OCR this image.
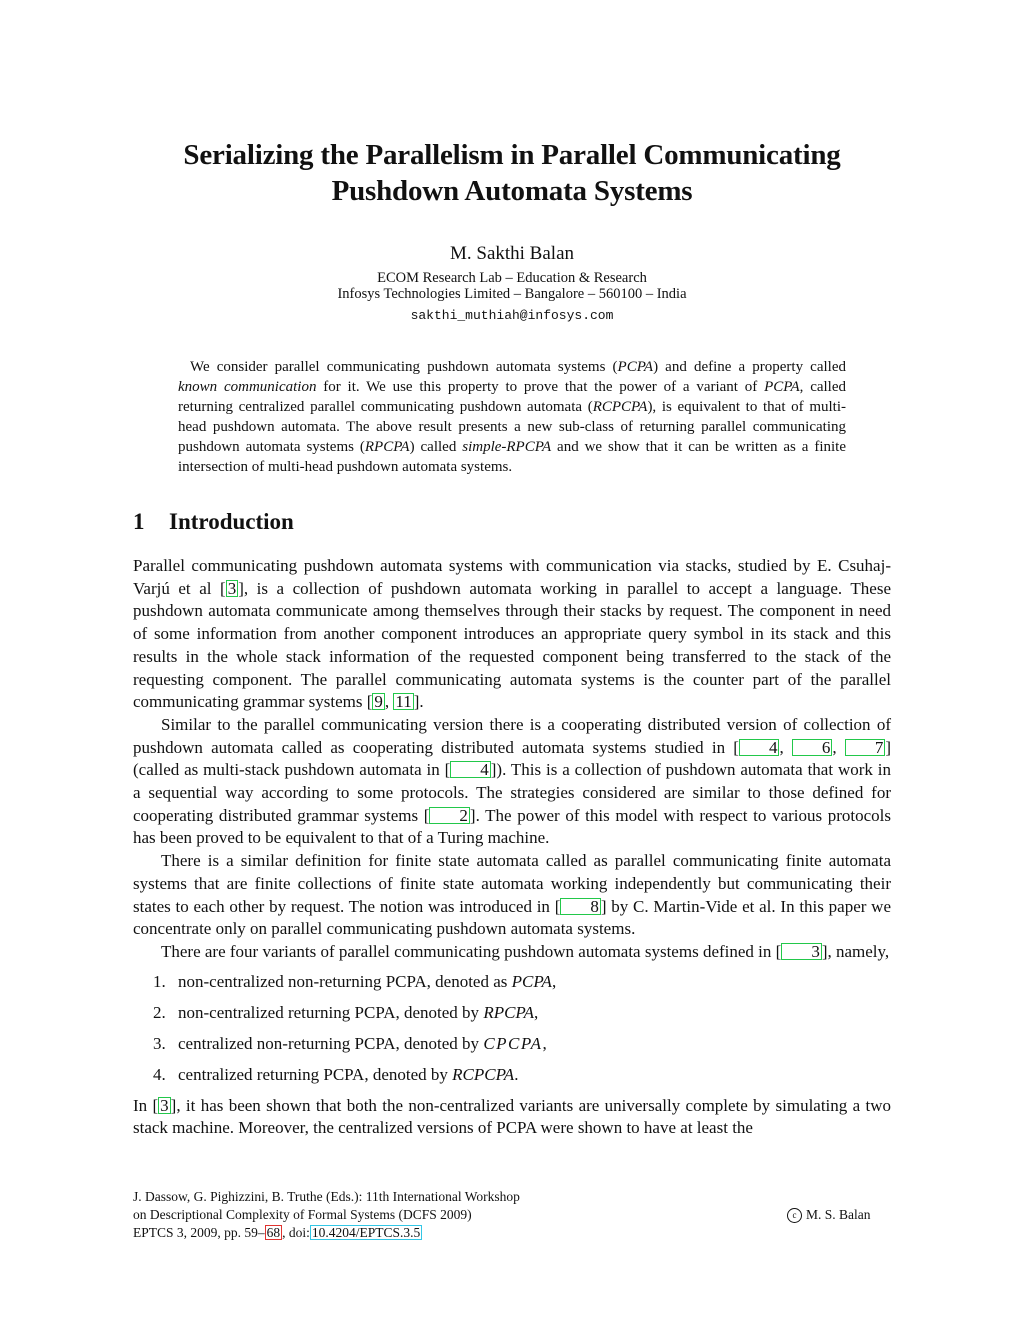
Serializing the Parallelism in Parallel Communicating
Pushdown Automata Systems
M. Sakthi Balan
ECOM Research Lab – Education & Research
Infosys Technologies Limited – Bangalore – 560100 – India
sakthi_muthiah@infosys.com

We consider parallel communicating pushdown automata systems (PCPA) and define a property called known communication for it. We use this property to prove that the power of a variant of PCPA, called returning centralized parallel communicating pushdown automata (RCPCPA), is equivalent to that of multi-head pushdown automata. The above result presents a new sub-class of returning parallel communicating pushdown automata systems (RPCPA) called simple-RPCPA and we show that it can be written as a finite intersection of multi-head pushdown automata systems.

1 Introduction

Parallel communicating pushdown automata systems with communication via stacks, studied by E. Csuhaj-Varjú et al [ 3 ], is a collection of pushdown automata working in parallel to accept a language. These pushdown automata communicate among themselves through their stacks by request. The component in need of some information from another component introduces an appropriate query symbol in its stack and this results in the whole stack information of the requested component being transferred to the stack of the requesting component. The parallel communicating automata systems is the counter part of the parallel communicating grammar systems [ 9 , 11 ].

Similar to the parallel communicating version there is a cooperating distributed version of collection of pushdown automata called as cooperating distributed automata systems studied in [ 4 , 6 , 7 ] (called as multi-stack pushdown automata in [ 4 ]). This is a collection of pushdown automata that work in a sequential way according to some protocols. The strategies considered are similar to those defined for cooperating distributed grammar systems [ 2 ]. The power of this model with respect to various protocols has been proved to be equivalent to that of a Turing machine.

There is a similar definition for finite state automata called as parallel communicating finite automata systems that are finite collections of finite state automata working independently but communicating their states to each other by request. The notion was introduced in [ 8 ] by C. Martin-Vide et al. In this paper we concentrate only on parallel communicating pushdown automata systems.

There are four variants of parallel communicating pushdown automata systems defined in [ 3 ], namely,

1. non-centralized non-returning PCPA, denoted as PCPA,
2. non-centralized returning PCPA, denoted by RPCPA,
3. centralized non-returning PCPA, denoted by CPCPA,
4. centralized returning PCPA, denoted by RCPCPA.

In [ 3 ], it has been shown that both the non-centralized variants are universally complete by simulating a two stack machine. Moreover, the centralized versions of PCPA were shown to have at least the

J. Dassow, G. Pighizzini, B. Truthe (Eds.): 11th International Workshop
on Descriptional Complexity of Formal Systems (DCFS 2009)
EPTCS 3, 2009, pp. 59– 68 , doi: 10.4204/EPTCS.3.5
c M. S. Balan
